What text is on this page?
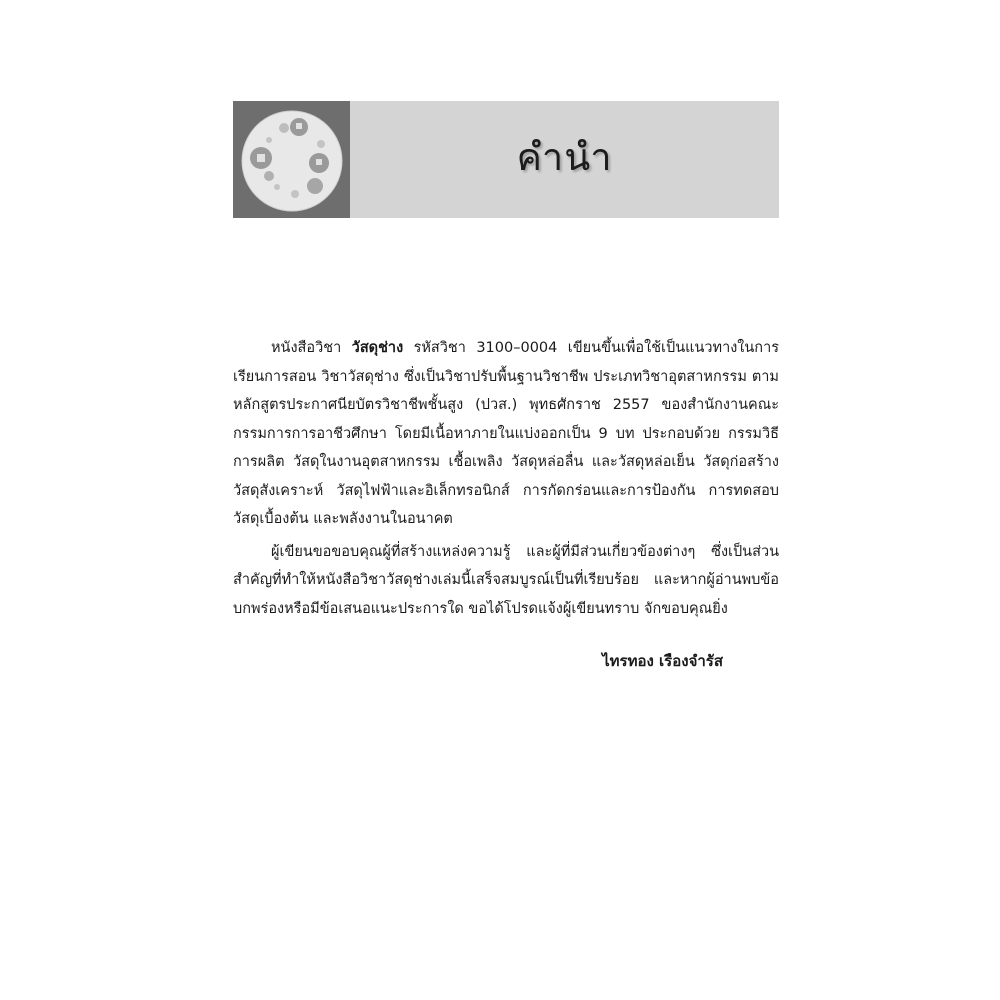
คำนำ

หนังสือวิชา วัสดุช่าง รหัสวิชา 3100–0004 เขียนขึ้นเพื่อใช้เป็นแนวทางในการเรียนการสอน วิชาวัสดุช่าง ซึ่งเป็นวิชาปรับพื้นฐานวิชาชีพ ประเภทวิชาอุตสาหกรรม ตามหลักสูตรประกาศนียบัตรวิชาชีพชั้นสูง (ปวส.) พุทธศักราช 2557 ของสำนักงานคณะกรรมการการอาชีวศึกษา โดยมีเนื้อหาภายในแบ่งออกเป็น 9 บท ประกอบด้วย กรรมวิธีการผลิต วัสดุในงานอุตสาหกรรม เชื้อเพลิง วัสดุหล่อลื่น และวัสดุหล่อเย็น วัสดุก่อสร้าง วัสดุสังเคราะห์ วัสดุไฟฟ้าและอิเล็กทรอนิกส์ การกัดกร่อนและการป้องกัน การทดสอบวัสดุเบื้องต้น และพลังงานในอนาคต

ผู้เขียนขอขอบคุณผู้ที่สร้างแหล่งความรู้ และผู้ที่มีส่วนเกี่ยวข้องต่างๆ ซึ่งเป็นส่วนสำคัญที่ทำให้หนังสือวิชาวัสดุช่างเล่มนี้เสร็จสมบูรณ์เป็นที่เรียบร้อย และหากผู้อ่านพบข้อบกพร่องหรือมีข้อเสนอแนะประการใด ขอได้โปรดแจ้งผู้เขียนทราบ จักขอบคุณยิ่ง

ไทรทอง เรืองจำรัส
